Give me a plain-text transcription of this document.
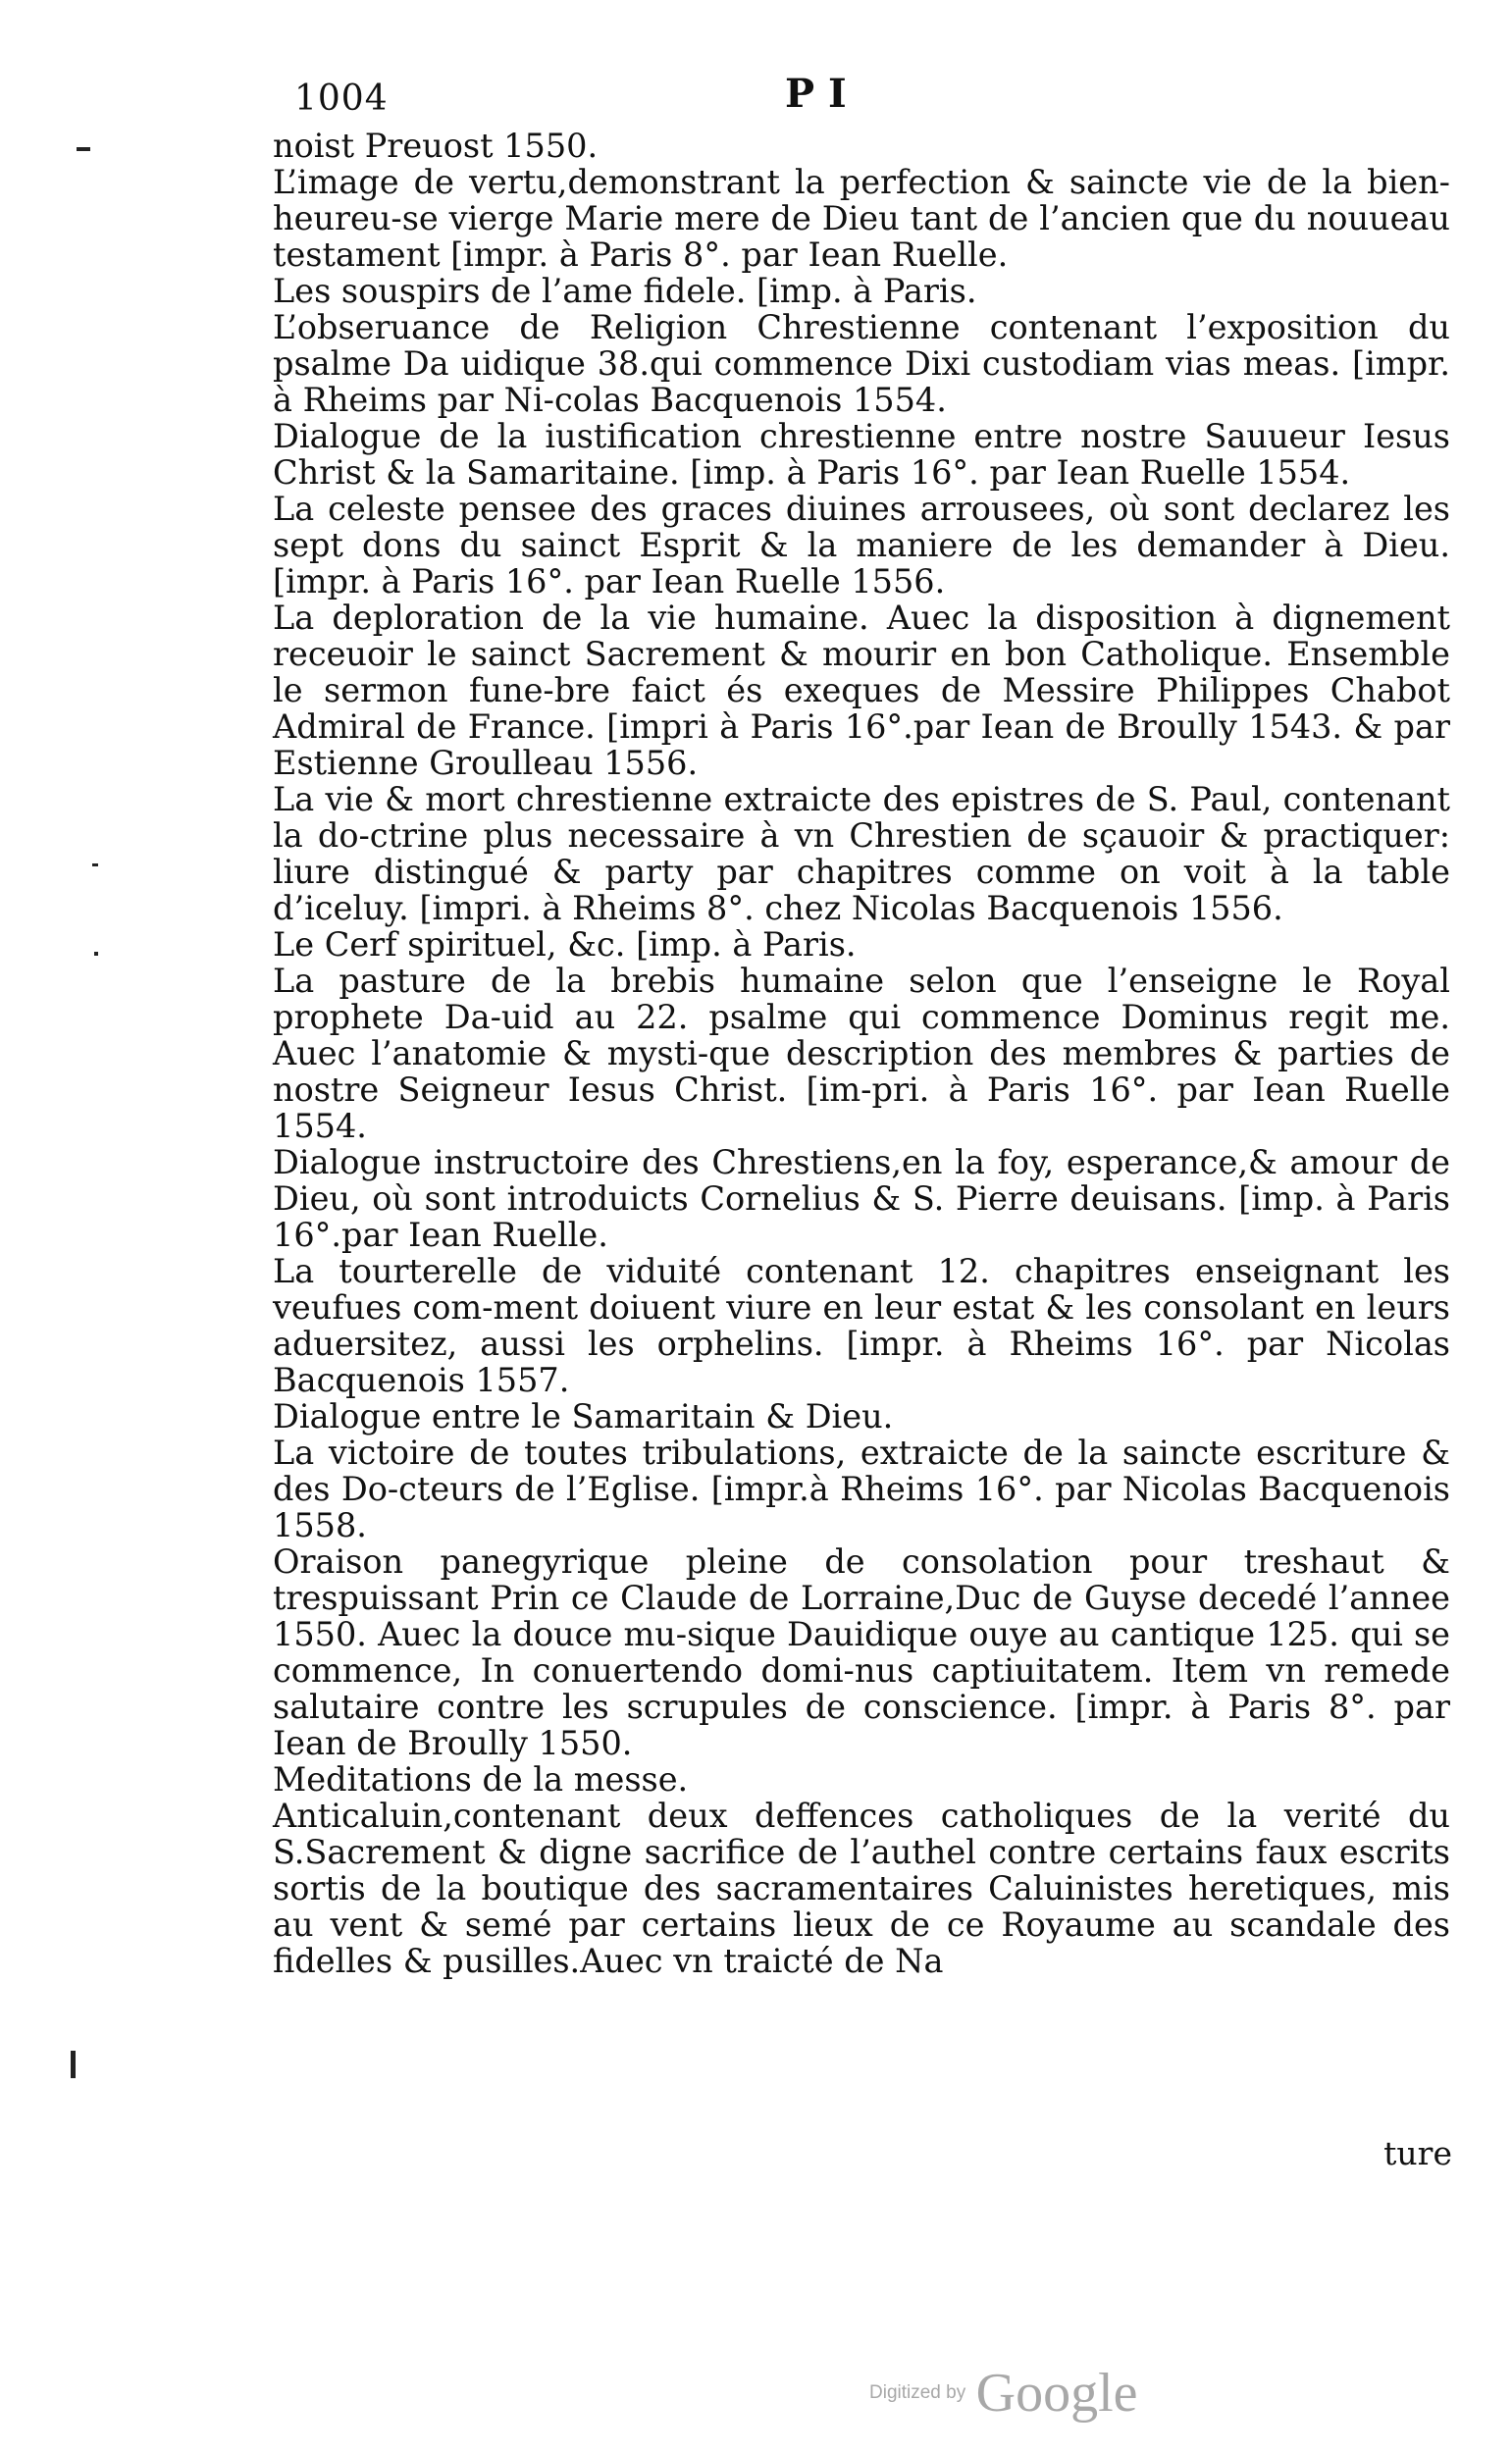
1004	P I

noist Preuost 1550.

L’image de vertu,demonstrant la perfection & saincte vie de la bien-heureu-se vierge Marie mere de Dieu tant de l’ancien que du nouueau testament [impr. à Paris 8°. par Iean Ruelle.

Les souspirs de l’ame fidele. [imp. à Paris.

L’obseruance de Religion Chrestienne contenant l’exposition du psalme Da uidique 38.qui commence Dixi custodiam vias meas. [impr. à Rheims par Ni-colas Bacquenois 1554.

Dialogue de la iustification chrestienne entre nostre Sauueur Iesus Christ & la Samaritaine. [imp. à Paris 16°. par Iean Ruelle 1554.

La celeste pensee des graces diuines arrousees, où sont declarez les sept dons du sainct Esprit & la maniere de les demander à Dieu. [impr. à Paris 16°. par Iean Ruelle 1556.

La deploration de la vie humaine. Auec la disposition à dignement receuoir le sainct Sacrement & mourir en bon Catholique. Ensemble le sermon fune-bre faict és exeques de Messire Philippes Chabot Admiral de France. [impri à Paris 16°.par Iean de Broully 1543. & par Estienne Groulleau 1556.

La vie & mort chrestienne extraicte des epistres de S. Paul, contenant la do-ctrine plus necessaire à vn Chrestien de sçauoir & practiquer: liure distingué & party par chapitres comme on voit à la table d’iceluy. [impri. à Rheims 8°. chez Nicolas Bacquenois 1556.

Le Cerf spirituel, &c. [imp. à Paris.

La pasture de la brebis humaine selon que l’enseigne le Royal prophete Da-uid au 22. psalme qui commence Dominus regit me. Auec l’anatomie & mysti-que description des membres & parties de nostre Seigneur Iesus Christ. [im-pri. à Paris 16°. par Iean Ruelle 1554.

Dialogue instructoire des Chrestiens,en la foy, esperance,& amour de Dieu, où sont introduicts Cornelius & S. Pierre deuisans. [imp. à Paris 16°.par Iean Ruelle.

La tourterelle de viduité contenant 12. chapitres enseignant les veufues com-ment doiuent viure en leur estat & les consolant en leurs aduersitez, aussi les orphelins. [impr. à Rheims 16°. par Nicolas Bacquenois 1557.

Dialogue entre le Samaritain & Dieu.

La victoire de toutes tribulations, extraicte de la saincte escriture & des Do-cteurs de l’Eglise. [impr.à Rheims 16°. par Nicolas Bacquenois 1558.

Oraison panegyrique pleine de consolation pour treshaut & trespuissant Prin ce Claude de Lorraine,Duc de Guyse decedé l’annee 1550. Auec la douce mu-sique Dauidique ouye au cantique 125. qui se commence, In conuertendo domi-nus captiuitatem. Item vn remede salutaire contre les scrupules de conscience. [impr. à Paris 8°. par Iean de Broully 1550.

Meditations de la messe.

Anticaluin,contenant deux deffences catholiques de la verité du S.Sacrement & digne sacrifice de l’authel contre certains faux escrits sortis de la boutique des sacramentaires Caluinistes heretiques, mis au vent & semé par certains lieux de ce Royaume au scandale des fidelles & pusilles.Auec vn traicté de Na

ture
Digitized by Google
